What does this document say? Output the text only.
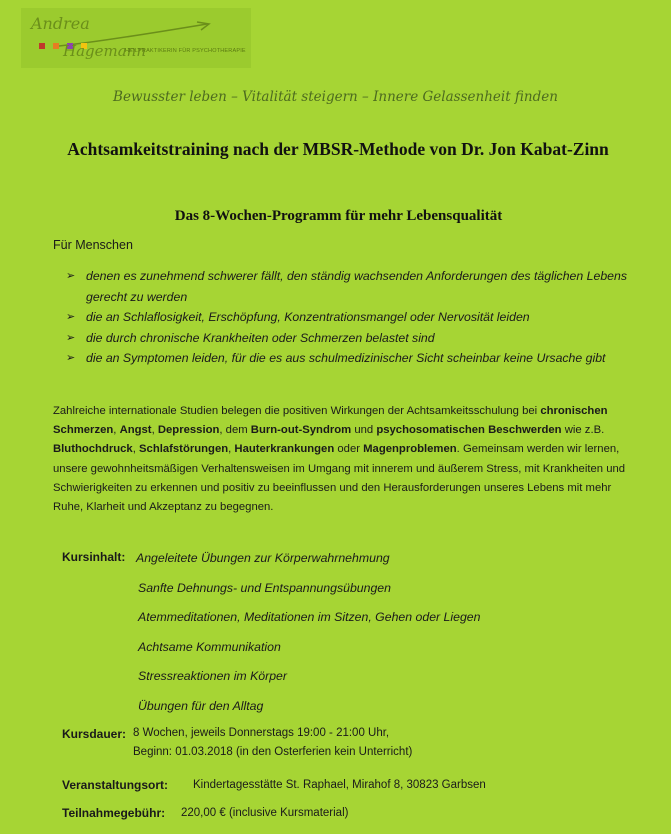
Andrea
Hagemann
HEILPRAKTIKERIN FÜR PSYCHOTHERAPIE
Bewusster leben – Vitalität steigern – Innere Gelassenheit finden
Achtsamkeitstraining nach der MBSR-Methode von Dr. Jon Kabat-Zinn
Das 8-Wochen-Programm für mehr Lebensqualität
Für Menschen
➢ denen es zunehmend schwerer fällt, den ständig wachsenden Anforderungen des täglichen Lebens gerecht zu werden
➢ die an Schlaflosigkeit, Erschöpfung, Konzentrationsmangel oder Nervosität leiden
➢ die durch chronische Krankheiten oder Schmerzen belastet sind
➢ die an Symptomen leiden, für die es aus schulmedizinischer Sicht scheinbar keine Ursache gibt
Zahlreiche internationale Studien belegen die positiven Wirkungen der Achtsamkeitsschulung bei chronischen Schmerzen, Angst, Depression, dem Burn-out-Syndrom und psychosomatischen Beschwerden wie z.B. Bluthochdruck, Schlafstörungen, Hauterkrankungen oder Magenproblemen. Gemeinsam werden wir lernen, unsere gewohnheitsmäßigen Verhaltensweisen im Umgang mit innerem und äußerem Stress, mit Krankheiten und Schwierigkeiten zu erkennen und positiv zu beeinflussen und den Herausforderungen unseres Lebens mit mehr Ruhe, Klarheit und Akzeptanz zu begegnen.
Kursinhalt: Angeleitete Übungen zur Körperwahrnehmung
Sanfte Dehnungs- und Entspannungsübungen
Atemmeditationen, Meditationen im Sitzen, Gehen oder Liegen
Achtsame Kommunikation
Stressreaktionen im Körper
Übungen für den Alltag
Kursdauer: 8 Wochen, jeweils Donnerstags 19:00 - 21:00 Uhr,
Beginn: 01.03.2018 (in den Osterferien kein Unterricht)
Veranstaltungsort: Kindertagesstätte St. Raphael, Mirahof 8, 30823 Garbsen
Teilnahmegebühr: 220,00 € (inclusive Kursmaterial)
